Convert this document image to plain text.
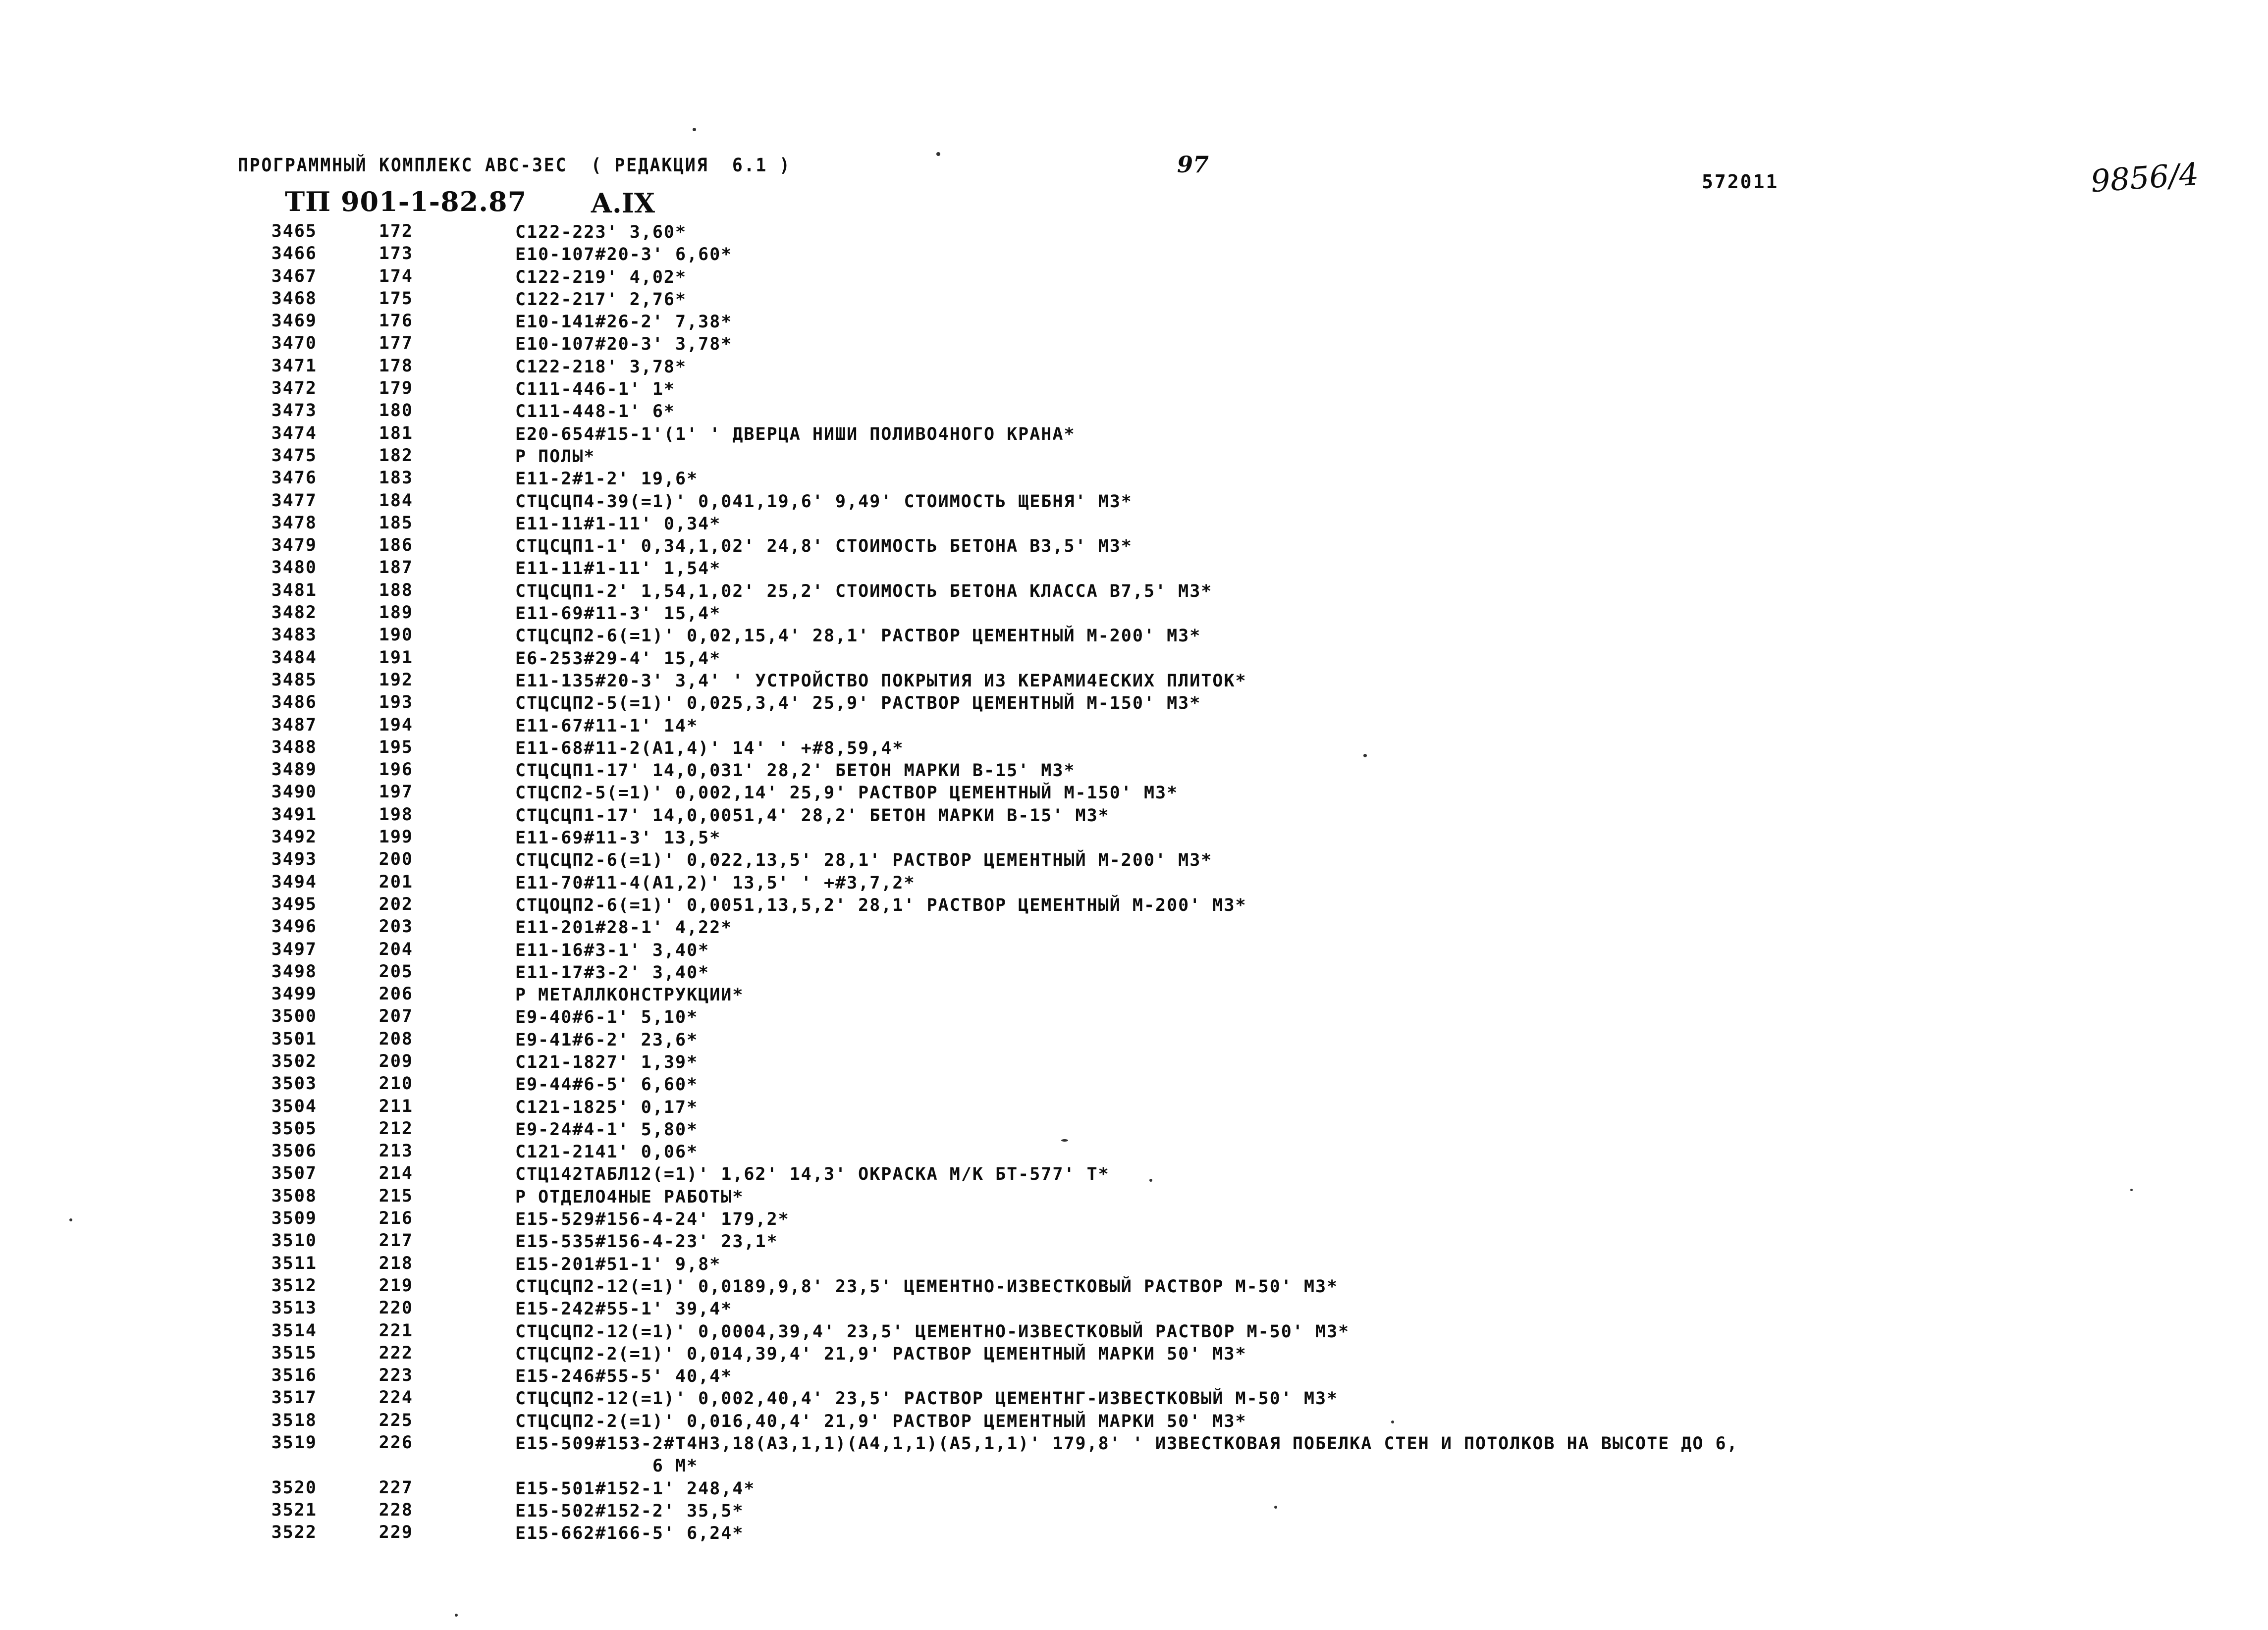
ПРОГРАММНЫЙ КОМПЛЕКС АВС-3ЕС ( РЕДАКЦИЯ  6.1 )	97
572011	9856/4
ТП 901-1-82.87 А.IX
3465	172	С122-223' 3,60*
3466	173	Е10-107#20-3' 6,60*
3467	174	С122-219' 4,02*
3468	175	С122-217' 2,76*
3469	176	Е10-141#26-2' 7,38*
3470	177	Е10-107#20-3' 3,78*
3471	178	С122-218' 3,78*
3472	179	С111-446-1' 1*
3473	180	С111-448-1' 6*
3474	181	Е20-654#15-1'(1' ' ДВЕРЦА НИШИ ПОЛИВО4НОГО КРАНА*
3475	182	Р ПОЛЫ*
3476	183	Е11-2#1-2' 19,6*
3477	184	СТЦСЦП4-39(=1)' 0,041,19,6' 9,49' СТОИМОСТЬ ЩЕБНЯ' М3*
3478	185	Е11-11#1-11' 0,34*
3479	186	СТЦСЦП1-1' 0,34,1,02' 24,8' СТОИМОСТЬ БЕТОНА В3,5' М3*
3480	187	Е11-11#1-11' 1,54*
3481	188	СТЦСЦП1-2' 1,54,1,02' 25,2' СТОИМОСТЬ БЕТОНА КЛАССА В7,5' М3*
3482	189	Е11-69#11-3' 15,4*
3483	190	СТЦСЦП2-6(=1)' 0,02,15,4' 28,1' РАСТВОР ЦЕМЕНТНЫЙ М-200' М3*
3484	191	Е6-253#29-4' 15,4*
3485	192	Е11-135#20-3' 3,4' ' УСТРОЙСТВО ПОКРЫТИЯ ИЗ КЕРАМИ4ЕСКИХ ПЛИТОК*
3486	193	СТЦСЦП2-5(=1)' 0,025,3,4' 25,9' РАСТВОР ЦЕМЕНТНЫЙ М-150' М3*
3487	194	Е11-67#11-1' 14*
3488	195	Е11-68#11-2(А1,4)' 14' ' +#8,59,4*
3489	196	СТЦСЦП1-17' 14,0,031' 28,2' БЕТОН МАРКИ В-15' М3*
3490	197	СТЦСП2-5(=1)' 0,002,14' 25,9' РАСТВОР ЦЕМЕНТНЫЙ М-150' М3*
3491	198	СТЦСЦП1-17' 14,0,0051,4' 28,2' БЕТОН МАРКИ В-15' М3*
3492	199	Е11-69#11-3' 13,5*
3493	200	СТЦСЦП2-6(=1)' 0,022,13,5' 28,1' РАСТВОР ЦЕМЕНТНЫЙ М-200' М3*
3494	201	Е11-70#11-4(А1,2)' 13,5' ' +#3,7,2*
3495	202	СТЦОЦП2-6(=1)' 0,0051,13,5,2' 28,1' РАСТВОР ЦЕМЕНТНЫЙ М-200' М3*
3496	203	Е11-201#28-1' 4,22*
3497	204	Е11-16#3-1' 3,40*
3498	205	Е11-17#3-2' 3,40*
3499	206	Р МЕТАЛЛКОНСТРУКЦИИ*
3500	207	Е9-40#6-1' 5,10*
3501	208	Е9-41#6-2' 23,6*
3502	209	С121-1827' 1,39*
3503	210	Е9-44#6-5' 6,60*
3504	211	С121-1825' 0,17*
3505	212	Е9-24#4-1' 5,80*
3506	213	С121-2141' 0,06*
3507	214	СТЦ142ТАБЛ12(=1)' 1,62' 14,3' ОКРАСКА М/К БТ-577' Т*
3508	215	Р ОТДЕЛО4НЫЕ РАБОТЫ*
3509	216	Е15-529#156-4-24' 179,2*
3510	217	Е15-535#156-4-23' 23,1*
3511	218	Е15-201#51-1' 9,8*
3512	219	СТЦСЦП2-12(=1)' 0,0189,9,8' 23,5' ЦЕМЕНТНО-ИЗВЕСТКОВЫЙ РАСТВОР М-50' М3*
3513	220	Е15-242#55-1' 39,4*
3514	221	СТЦСЦП2-12(=1)' 0,0004,39,4' 23,5' ЦЕМЕНТНО-ИЗВЕСТКОВЫЙ РАСТВОР М-50' М3*
3515	222	СТЦСЦП2-2(=1)' 0,014,39,4' 21,9' РАСТВОР ЦЕМЕНТНЫЙ МАРКИ 50' М3*
3516	223	Е15-246#55-5' 40,4*
3517	224	СТЦСЦП2-12(=1)' 0,002,40,4' 23,5' РАСТВОР ЦЕМЕНТНГ-ИЗВЕСТКОВЫЙ М-50' М3*
3518	225	СТЦСЦП2-2(=1)' 0,016,40,4' 21,9' РАСТВОР ЦЕМЕНТНЫЙ МАРКИ 50' М3*
3519	226	Е15-509#153-2#Т4Н3,18(А3,1,1)(А4,1,1)(А5,1,1)' 179,8' ' ИЗВЕСТКОВАЯ ПОБЕЛКА СТЕН И ПОТОЛКОВ НА ВЫСОТЕ ДО 6,
6 М*
3520	227	Е15-501#152-1' 248,4*
3521	228	Е15-502#152-2' 35,5*
3522	229	Е15-662#166-5' 6,24*
